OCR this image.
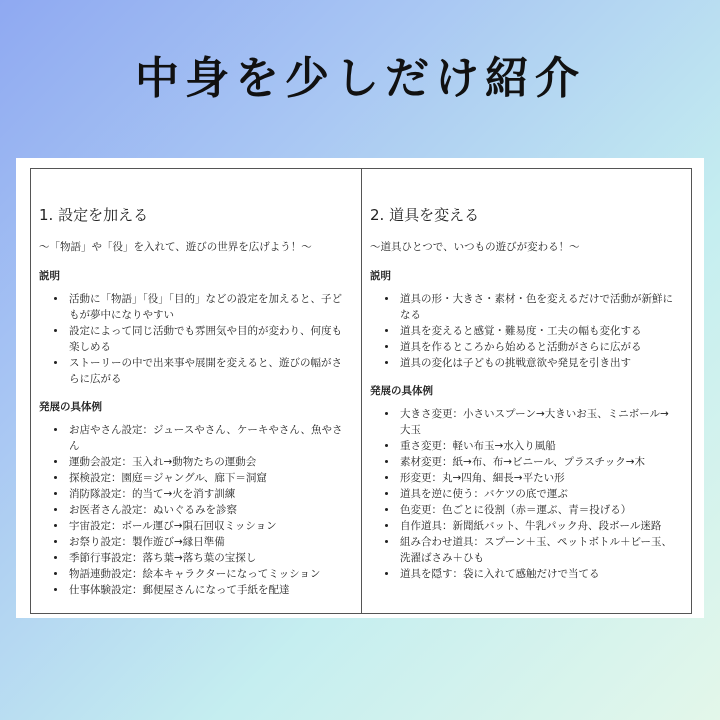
中身を少しだけ紹介
1. 設定を加える

～「物語」や「役」を入れて、遊びの世界を広げよう！～

説明

• 活動に「物語」「役」「目的」などの設定を加えると、子どもが夢中になりやすい
• 設定によって同じ活動でも雰囲気や目的が変わり、何度も楽しめる
• ストーリーの中で出来事や展開を変えると、遊びの幅がさらに広がる

発展の具体例

• お店やさん設定：ジュースやさん、ケーキやさん、魚やさん
• 運動会設定：玉入れ→動物たちの運動会
• 探検設定：園庭＝ジャングル、廊下＝洞窟
• 消防隊設定：的当て→火を消す訓練
• お医者さん設定：ぬいぐるみを診察
• 宇宙設定：ボール運び→隕石回収ミッション
• お祭り設定：製作遊び→縁日準備
• 季節行事設定：落ち葉→落ち葉の宝探し
• 物語連動設定：絵本キャラクターになってミッション
• 仕事体験設定：郵便屋さんになって手紙を配達
2. 道具を変える

～道具ひとつで、いつもの遊びが変わる！～

説明

• 道具の形・大きさ・素材・色を変えるだけで活動が新鮮になる
• 道具を変えると感覚・難易度・工夫の幅も変化する
• 道具を作るところから始めると活動がさらに広がる
• 道具の変化は子どもの挑戦意欲や発見を引き出す

発展の具体例

• 大きさ変更：小さいスプーン→大きいお玉、ミニボール→大玉
• 重さ変更：軽い布玉→水入り風船
• 素材変更：紙→布、布→ビニール、プラスチック→木
• 形変更：丸→四角、細長→平たい形
• 道具を逆に使う：バケツの底で運ぶ
• 色変更：色ごとに役割（赤＝運ぶ、青＝投げる）
• 自作道具：新聞紙バット、牛乳パック舟、段ボール迷路
• 組み合わせ道具：スプーン＋玉、ペットボトル＋ビー玉、洗濯ばさみ＋ひも
• 道具を隠す：袋に入れて感触だけで当てる
